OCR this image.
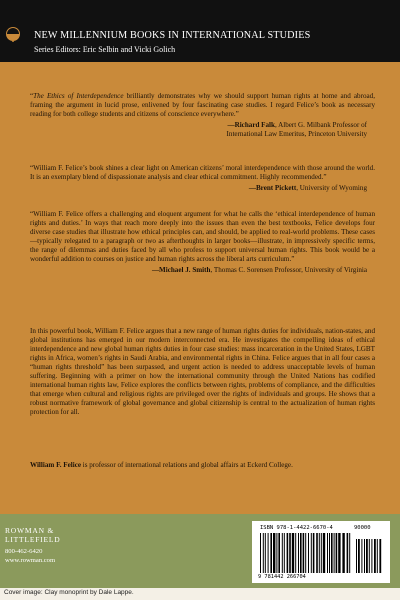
NEW MILLENNIUM BOOKS IN INTERNATIONAL STUDIES
Series Editors: Eric Selbin and Vicki Golich

“The Ethics of Interdependence brilliantly demonstrates why we should support human rights at home and abroad, framing the argument in lucid prose, enlivened by four fascinating case studies. I regard Felice’s book as necessary reading for both college students and citizens of conscience everywhere.”

—Richard Falk, Albert G. Milbank Professor of
International Law Emeritus, Princeton University

“William F. Felice’s book shines a clear light on American citizens’ moral interdependence with those around the world. It is an exemplary blend of dispassionate analysis and clear ethical commitment. Highly recommended.”

—Brent Pickett, University of Wyoming

“William F. Felice offers a challenging and eloquent argument for what he calls the ‘ethical interdependence of human rights and duties.’ In ways that reach more deeply into the issues than even the best textbooks, Felice develops four diverse case studies that illustrate how ethical principles can, and should, be applied to real-world problems. These cases—typically relegated to a paragraph or two as afterthoughts in larger books—illustrate, in impressively specific terms, the range of dilemmas and duties faced by all who profess to support universal human rights. This book would be a wonderful addition to courses on justice and human rights across the liberal arts curriculum.”

—Michael J. Smith, Thomas C. Sorensen Professor, University of Virginia
In this powerful book, William F. Felice argues that a new range of human rights duties for individuals, nation-states, and global institutions has emerged in our modern interconnected era. He investigates the compelling ideas of ethical interdependence and new global human rights duties in four case studies: mass incarceration in the United States, LGBT rights in Africa, women’s rights in Saudi Arabia, and environmental rights in China. Felice argues that in all four cases a “human rights threshold” has been surpassed, and urgent action is needed to address unacceptable levels of human suffering. Beginning with a primer on how the international community through the United Nations has codified international human rights law, Felice explores the conflicts between rights, problems of compliance, and the difficulties that emerge when cultural and religious rights are privileged over the rights of individuals and groups. He shows that a robust normative framework of global governance and global citizenship is central to the actualization of human rights protection for all.
William F. Felice is professor of international relations and global affairs at Eckerd College.
ROWMAN &
LITTLEFIELD
800-462-6420
www.rowman.com
ISBN 978-1-4422-6670-4	90000
9 781442 266704
Cover image: Clay monoprint by Dale Lappe.
